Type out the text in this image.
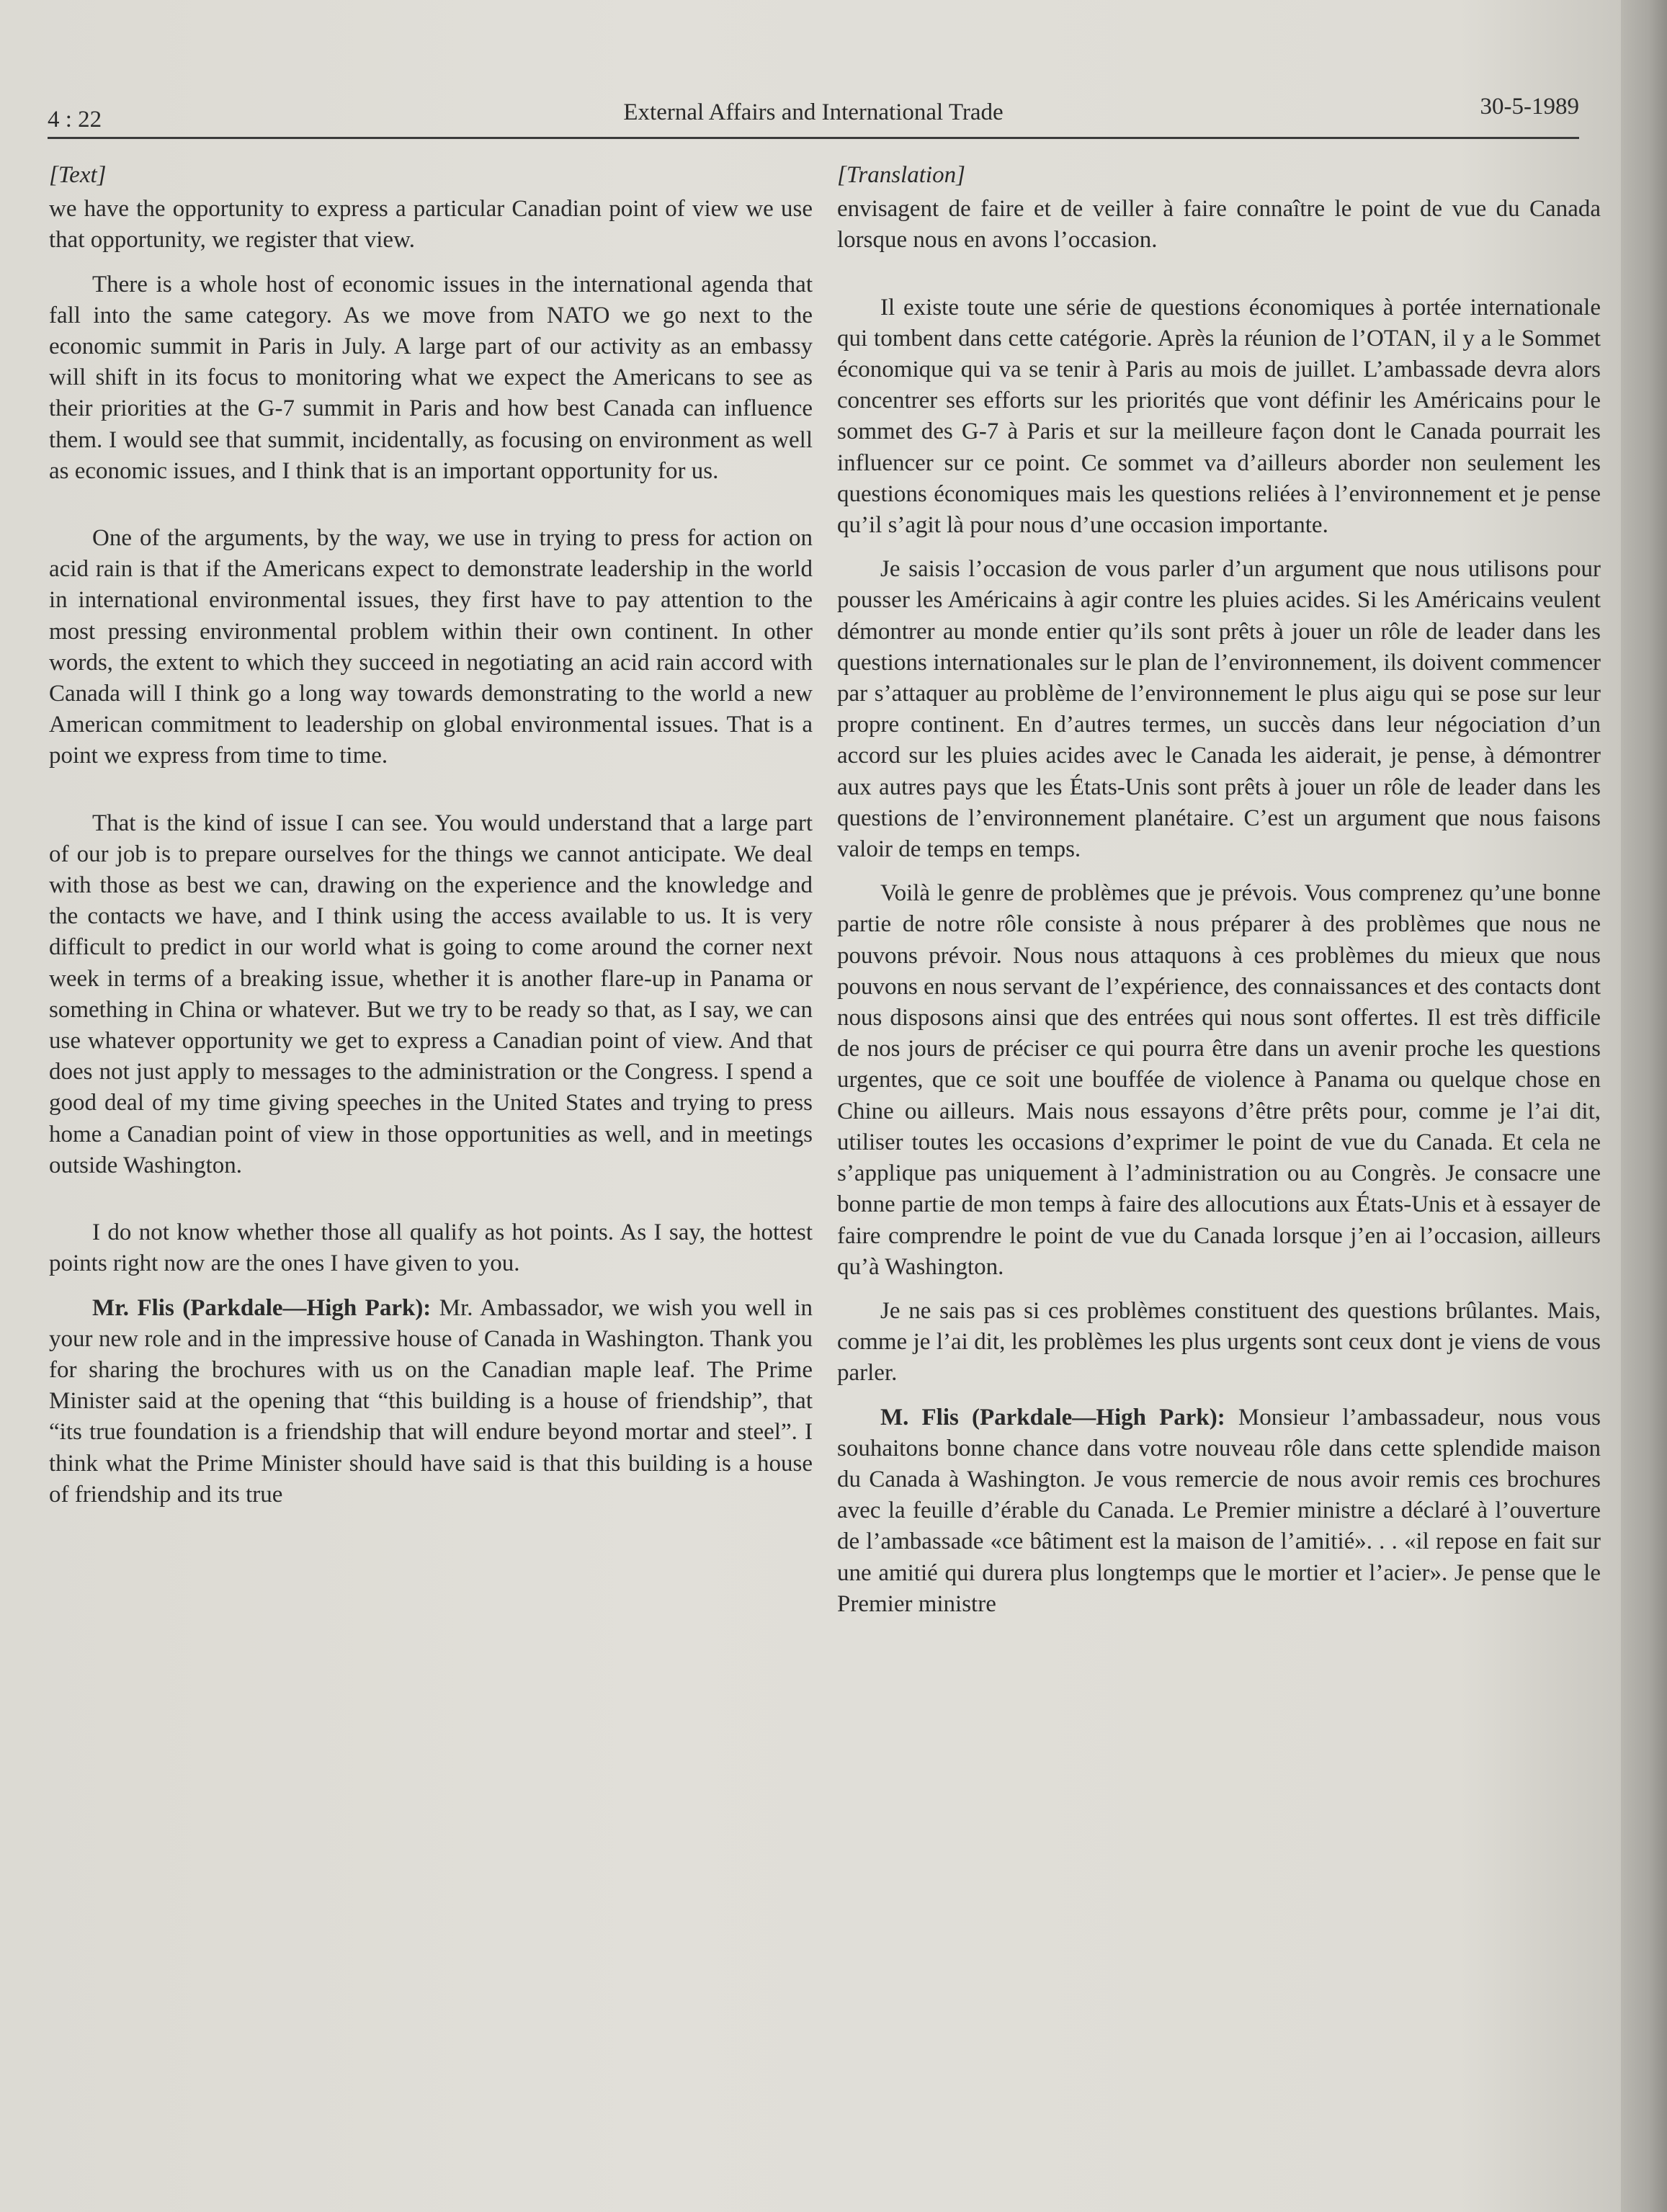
4 : 22	External Affairs and International Trade	30-5-1989
[Text]

we have the opportunity to express a particular Canadian point of view we use that opportunity, we register that view.

There is a whole host of economic issues in the international agenda that fall into the same category. As we move from NATO we go next to the economic summit in Paris in July. A large part of our activity as an embassy will shift in its focus to monitoring what we expect the Americans to see as their priorities at the G-7 summit in Paris and how best Canada can influence them. I would see that summit, incidentally, as focusing on environment as well as economic issues, and I think that is an important opportunity for us.

One of the arguments, by the way, we use in trying to press for action on acid rain is that if the Americans expect to demonstrate leadership in the world in international environmental issues, they first have to pay attention to the most pressing environmental problem within their own continent. In other words, the extent to which they succeed in negotiating an acid rain accord with Canada will I think go a long way towards demonstrating to the world a new American commitment to leadership on global environmental issues. That is a point we express from time to time.

That is the kind of issue I can see. You would understand that a large part of our job is to prepare ourselves for the things we cannot anticipate. We deal with those as best we can, drawing on the experience and the knowledge and the contacts we have, and I think using the access available to us. It is very difficult to predict in our world what is going to come around the corner next week in terms of a breaking issue, whether it is another flare-up in Panama or something in China or whatever. But we try to be ready so that, as I say, we can use whatever opportunity we get to express a Canadian point of view. And that does not just apply to messages to the administration or the Congress. I spend a good deal of my time giving speeches in the United States and trying to press home a Canadian point of view in those opportunities as well, and in meetings outside Washington.

I do not know whether those all qualify as hot points. As I say, the hottest points right now are the ones I have given to you.

Mr. Flis (Parkdale—High Park): Mr. Ambassador, we wish you well in your new role and in the impressive house of Canada in Washington. Thank you for sharing the brochures with us on the Canadian maple leaf. The Prime Minister said at the opening that “this building is a house of friendship”, that “its true foundation is a friendship that will endure beyond mortar and steel”. I think what the Prime Minister should have said is that this building is a house of friendship and its true

[Translation]

envisagent de faire et de veiller à faire connaître le point de vue du Canada lorsque nous en avons l’occasion.

Il existe toute une série de questions économiques à portée internationale qui tombent dans cette catégorie. Après la réunion de l’OTAN, il y a le Sommet économique qui va se tenir à Paris au mois de juillet. L’ambassade devra alors concentrer ses efforts sur les priorités que vont définir les Américains pour le sommet des G-7 à Paris et sur la meilleure façon dont le Canada pourrait les influencer sur ce point. Ce sommet va d’ailleurs aborder non seulement les questions économiques mais les questions reliées à l’environnement et je pense qu’il s’agit là pour nous d’une occasion importante.

Je saisis l’occasion de vous parler d’un argument que nous utilisons pour pousser les Américains à agir contre les pluies acides. Si les Américains veulent démontrer au monde entier qu’ils sont prêts à jouer un rôle de leader dans les questions internationales sur le plan de l’environnement, ils doivent commencer par s’attaquer au problème de l’environnement le plus aigu qui se pose sur leur propre continent. En d’autres termes, un succès dans leur négociation d’un accord sur les pluies acides avec le Canada les aiderait, je pense, à démontrer aux autres pays que les États-Unis sont prêts à jouer un rôle de leader dans les questions de l’environnement planétaire. C’est un argument que nous faisons valoir de temps en temps.

Voilà le genre de problèmes que je prévois. Vous comprenez qu’une bonne partie de notre rôle consiste à nous préparer à des problèmes que nous ne pouvons prévoir. Nous nous attaquons à ces problèmes du mieux que nous pouvons en nous servant de l’expérience, des connaissances et des contacts dont nous disposons ainsi que des entrées qui nous sont offertes. Il est très difficile de nos jours de préciser ce qui pourra être dans un avenir proche les questions urgentes, que ce soit une bouffée de violence à Panama ou quelque chose en Chine ou ailleurs. Mais nous essayons d’être prêts pour, comme je l’ai dit, utiliser toutes les occasions d’exprimer le point de vue du Canada. Et cela ne s’applique pas uniquement à l’administration ou au Congrès. Je consacre une bonne partie de mon temps à faire des allocutions aux États-Unis et à essayer de faire comprendre le point de vue du Canada lorsque j’en ai l’occasion, ailleurs qu’à Washington.

Je ne sais pas si ces problèmes constituent des questions brûlantes. Mais, comme je l’ai dit, les problèmes les plus urgents sont ceux dont je viens de vous parler.

M. Flis (Parkdale—High Park): Monsieur l’ambassadeur, nous vous souhaitons bonne chance dans votre nouveau rôle dans cette splendide maison du Canada à Washington. Je vous remercie de nous avoir remis ces brochures avec la feuille d’érable du Canada. Le Premier ministre a déclaré à l’ouverture de l’ambassade «ce bâtiment est la maison de l’amitié». . . «il repose en fait sur une amitié qui durera plus longtemps que le mortier et l’acier». Je pense que le Premier ministre
